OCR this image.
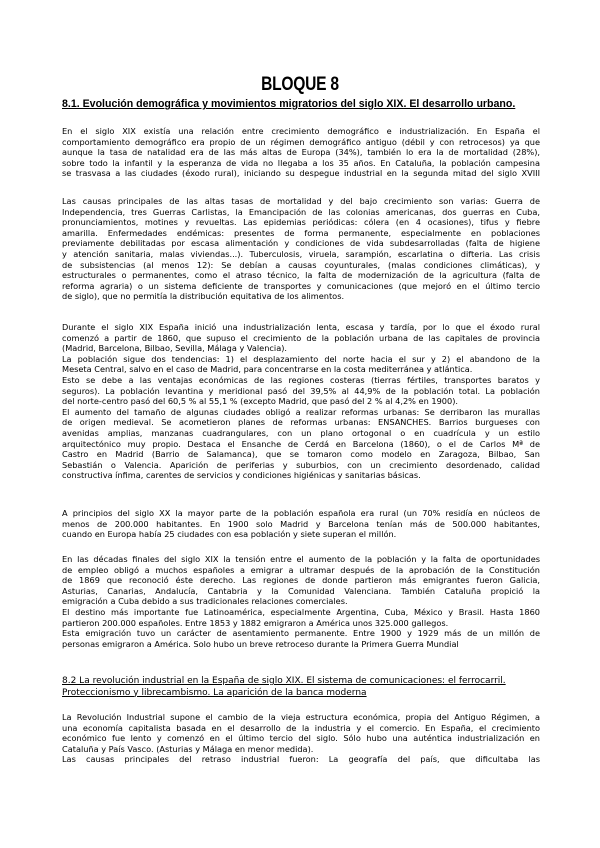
BLOQUE 8
8.1. Evolución demográfica y movimientos migratorios del siglo XIX. El desarrollo urbano.
En el siglo XIX existía una relación entre crecimiento demográfico e industrialización. En España el
comportamiento demográfico era propio de un régimen demográfico antiguo (débil y con retrocesos) ya que
aunque la tasa de natalidad era de las más altas de Europa (34%), también lo era la de mortalidad (28%),
sobre todo la infantil y la esperanza de vida no llegaba a los 35 años. En Cataluña, la población campesina
se trasvasa a las ciudades (éxodo rural), iniciando su despegue industrial en la segunda mitad del siglo XVIII
Las causas principales de las altas tasas de mortalidad y del bajo crecimiento son varias: Guerra de
Independencia, tres Guerras Carlistas, la Emancipación de las colonias americanas, dos guerras en Cuba,
pronunciamientos, motines y revueltas. Las epidemias periódicas: cólera (en 4 ocasiones), tifus y fiebre
amarilla. Enfermedades endémicas: presentes de forma permanente, especialmente en poblaciones
previamente debilitadas por escasa alimentación y condiciones de vida subdesarrolladas (falta de higiene
y atención sanitaria, malas viviendas...). Tuberculosis, viruela, sarampión, escarlatina o difteria. Las crisis
de subsistencias (al menos 12): Se debían a causas coyunturales, (malas condiciones climáticas), y
estructurales o permanentes, como el atraso técnico, la falta de modernización de la agricultura (falta de
reforma agraria) o un sistema deficiente de transportes y comunicaciones (que mejoró en el último tercio
de siglo), que no permitía la distribución equitativa de los alimentos.
Durante el siglo XIX España inició una industrialización lenta, escasa y tardía, por lo que el éxodo rural
comenzó a partir de 1860, que supuso el crecimiento de la población urbana de las capitales de provincia
(Madrid, Barcelona, Bilbao, Sevilla, Málaga y Valencia).
La población sigue dos tendencias: 1) el desplazamiento del norte hacia el sur y 2) el abandono de la
Meseta Central, salvo en el caso de Madrid, para concentrarse en la costa mediterránea y atlántica.
Esto se debe a las ventajas económicas de las regiones costeras (tierras fértiles, transportes baratos y
seguros). La población levantina y meridional pasó del 39,5% al 44,9% de la población total. La población
del norte-centro pasó del 60,5 % al 55,1 % (excepto Madrid, que pasó del 2 % al 4,2% en 1900).
El aumento del tamaño de algunas ciudades obligó a realizar reformas urbanas: Se derribaron las murallas
de origen medieval. Se acometieron planes de reformas urbanas: ENSANCHES. Barrios burgueses con
avenidas amplias, manzanas cuadrangulares, con un plano ortogonal o en cuadrícula y un estilo
arquitectónico muy propio. Destaca el Ensanche de Cerdá en Barcelona (1860), o el de Carlos Mª de
Castro en Madrid (Barrio de Salamanca), que se tomaron como modelo en Zaragoza, Bilbao, San
Sebastián o Valencia. Aparición de periferias y suburbios, con un crecimiento desordenado, calidad
constructiva ínfima, carentes de servicios y condiciones higiénicas y sanitarias básicas.
A principios del siglo XX la mayor parte de la población española era rural (un 70% residía en núcleos de
menos de 200.000 habitantes. En 1900 solo Madrid y Barcelona tenían más de 500.000 habitantes,
cuando en Europa había 25 ciudades con esa población y siete superan el millón.
En las décadas finales del siglo XIX la tensión entre el aumento de la población y la falta de oportunidades
de empleo obligó a muchos españoles a emigrar a ultramar después de la aprobación de la Constitución
de 1869 que reconoció éste derecho. Las regiones de donde partieron más emigrantes fueron Galicia,
Asturias, Canarias, Andalucía, Cantabria y la Comunidad Valenciana. También Cataluña propició la
emigración a Cuba debido a sus tradicionales relaciones comerciales.
El destino más importante fue Latinoamérica, especialmente Argentina, Cuba, México y Brasil. Hasta 1860
partieron 200.000 españoles. Entre 1853 y 1882 emigraron a América unos 325.000 gallegos.
Esta emigración tuvo un carácter de asentamiento permanente. Entre 1900 y 1929 más de un millón de
personas emigraron a América. Solo hubo un breve retroceso durante la Primera Guerra Mundial
8.2 La revolución industrial en la España de siglo XIX. El sistema de comunicaciones: el ferrocarril.
Proteccionismo y librecambismo. La aparición de la banca moderna
La Revolución Industrial supone el cambio de la vieja estructura económica, propia del Antiguo Régimen, a
una economía capitalista basada en el desarrollo de la industria y el comercio. En España, el crecimiento
económico fue lento y comenzó en el último tercio del siglo. Sólo hubo una auténtica industrialización en
Cataluña y País Vasco. (Asturias y Málaga en menor medida).
Las causas principales del retraso industrial fueron: La geografía del país, que dificultaba las
